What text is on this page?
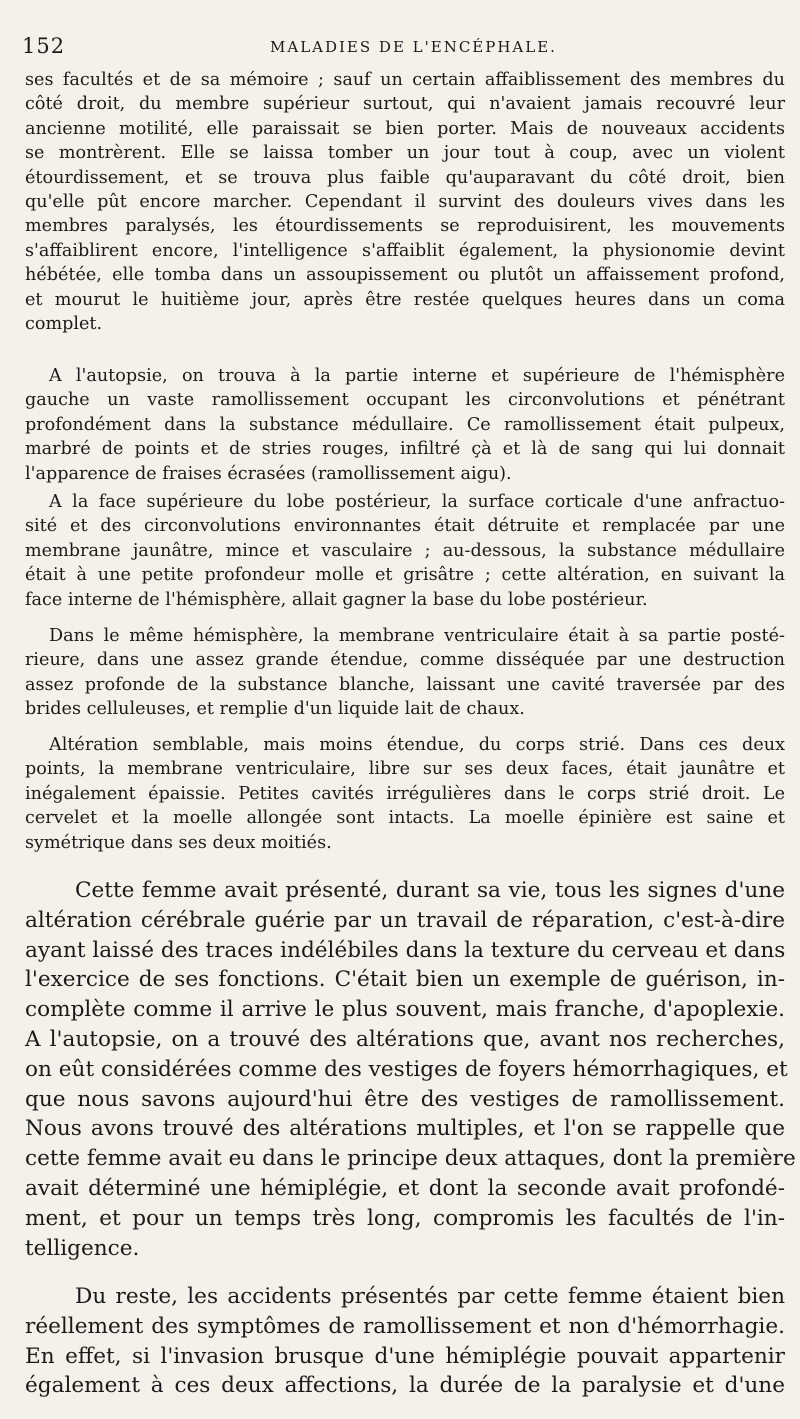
152	MALADIES DE L'ENCÉPHALE.
ses facultés et de sa mémoire ; sauf un certain affaiblissement des membres du
côté droit, du membre supérieur surtout, qui n'avaient jamais recouvré leur
ancienne motilité, elle paraissait se bien porter. Mais de nouveaux accidents
se montrèrent. Elle se laissa tomber un jour tout à coup, avec un violent
étourdissement, et se trouva plus faible qu'auparavant du côté droit, bien
qu'elle pût encore marcher. Cependant il survint des douleurs vives dans les
membres paralysés, les étourdissements se reproduisirent, les mouvements
s'affaiblirent encore, l'intelligence s'affaiblit également, la physionomie devint
hébétée, elle tomba dans un assoupissement ou plutôt un affaissement profond,
et mourut le huitième jour, après être restée quelques heures dans un coma
complet.
A l'autopsie, on trouva à la partie interne et supérieure de l'hémisphère
gauche un vaste ramollissement occupant les circonvolutions et pénétrant
profondément dans la substance médullaire. Ce ramollissement était pulpeux,
marbré de points et de stries rouges, infiltré çà et là de sang qui lui donnait
l'apparence de fraises écrasées (ramollissement aigu).
A la face supérieure du lobe postérieur, la surface corticale d'une anfractuo-
sité et des circonvolutions environnantes était détruite et remplacée par une
membrane jaunâtre, mince et vasculaire ; au-dessous, la substance médullaire
était à une petite profondeur molle et grisâtre ; cette altération, en suivant la
face interne de l'hémisphère, allait gagner la base du lobe postérieur.
Dans le même hémisphère, la membrane ventriculaire était à sa partie posté-
rieure, dans une assez grande étendue, comme disséquée par une destruction
assez profonde de la substance blanche, laissant une cavité traversée par des
brides celluleuses, et remplie d'un liquide lait de chaux.
Altération semblable, mais moins étendue, du corps strié. Dans ces deux
points, la membrane ventriculaire, libre sur ses deux faces, était jaunâtre et
inégalement épaissie. Petites cavités irrégulières dans le corps strié droit. Le
cervelet et la moelle allongée sont intacts. La moelle épinière est saine et
symétrique dans ses deux moitiés.
Cette femme avait présenté, durant sa vie, tous les signes d'une
altération cérébrale guérie par un travail de réparation, c'est-à-dire
ayant laissé des traces indélébiles dans la texture du cerveau et dans
l'exercice de ses fonctions. C'était bien un exemple de guérison, in-
complète comme il arrive le plus souvent, mais franche, d'apoplexie.
A l'autopsie, on a trouvé des altérations que, avant nos recherches,
on eût considérées comme des vestiges de foyers hémorrhagiques, et
que nous savons aujourd'hui être des vestiges de ramollissement.
Nous avons trouvé des altérations multiples, et l'on se rappelle que
cette femme avait eu dans le principe deux attaques, dont la première
avait déterminé une hémiplégie, et dont la seconde avait profondé-
ment, et pour un temps très long, compromis les facultés de l'in-
telligence.
Du reste, les accidents présentés par cette femme étaient bien
réellement des symptômes de ramollissement et non d'hémorrhagie.
En effet, si l'invasion brusque d'une hémiplégie pouvait appartenir
également à ces deux affections, la durée de la paralysie et d'une
